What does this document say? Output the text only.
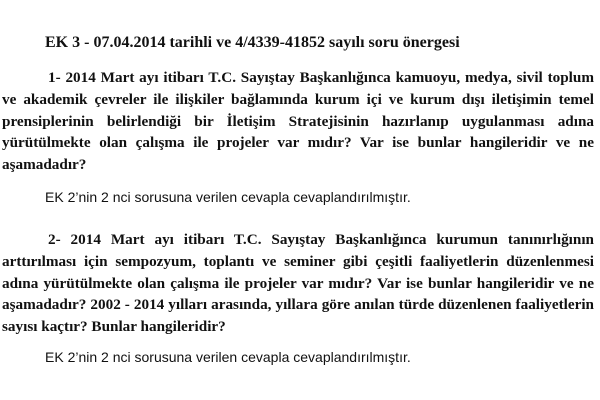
EK 3 - 07.04.2014 tarihli ve 4/4339-41852 sayılı soru önergesi

1- 2014 Mart ayı itibarı T.C. Sayıştay Başkanlığınca kamuoyu, medya, sivil toplum ve akademik çevreler ile ilişkiler bağlamında kurum içi ve kurum dışı iletişimin temel prensiplerinin belirlendiği bir İletişim Stratejisinin hazırlanıp uygulanması adına yürütülmekte olan çalışma ile projeler var mıdır? Var ise bunlar hangileridir ve ne aşamadadır?

EK 2’nin 2 nci sorusuna verilen cevapla cevaplandırılmıştır.

2- 2014 Mart ayı itibarı T.C. Sayıştay Başkanlığınca kurumun tanınırlığının arttırılması için sempozyum, toplantı ve seminer gibi çeşitli faaliyetlerin düzenlenmesi adına yürütülmekte olan çalışma ile projeler var mıdır? Var ise bunlar hangileridir ve ne aşamadadır? 2002 - 2014 yılları arasında, yıllara göre anılan türde düzenlenen faaliyetlerin sayısı kaçtır? Bunlar hangileridir?

EK 2’nin 2 nci sorusuna verilen cevapla cevaplandırılmıştır.
